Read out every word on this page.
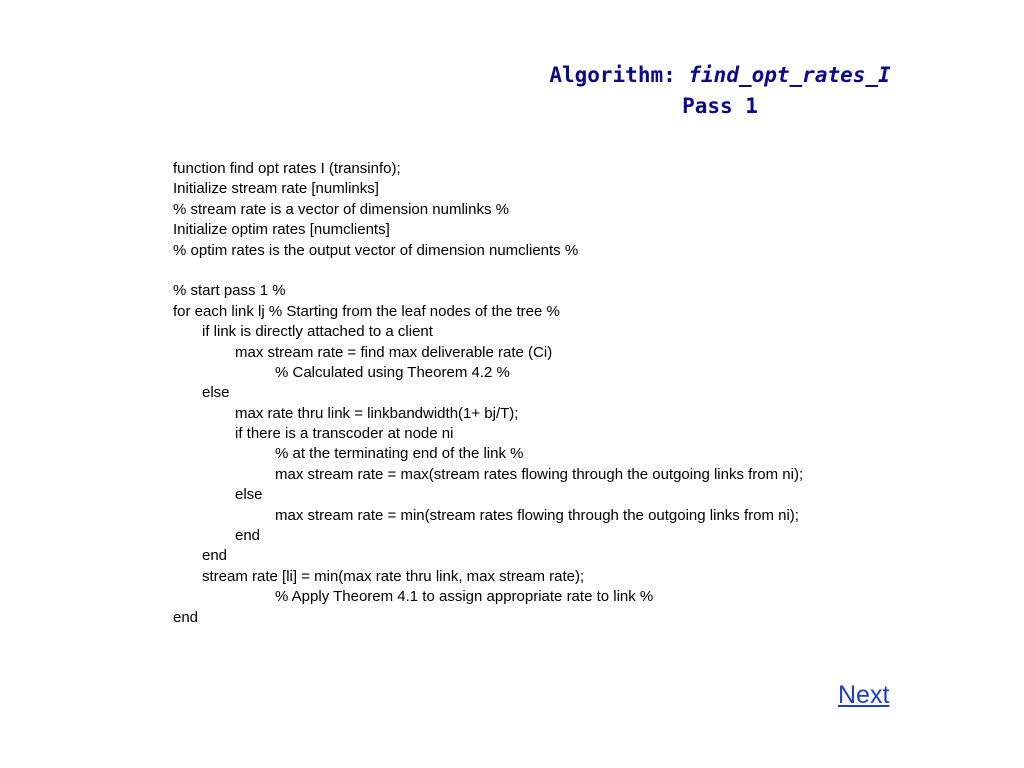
Algorithm: find_opt_rates_I
Pass 1
function find opt rates I (transinfo);
Initialize stream rate [numlinks]
% stream rate is a vector of dimension numlinks %
Initialize optim rates [numclients]
% optim rates is the output vector of dimension numclients %
% start pass 1 %
for each link lj % Starting from the leaf nodes of the tree %
if link is directly attached to a client
max stream rate = find max deliverable rate (Ci)
% Calculated using Theorem 4.2 %
else
max rate thru link = linkbandwidth(1+ bj/T);
if there is a transcoder at node ni
% at the terminating end of the link %
max stream rate = max(stream rates flowing through the outgoing links from ni);
else
max stream rate = min(stream rates flowing through the outgoing links from ni);
end
end
stream rate [li] = min(max rate thru link, max stream rate);
% Apply Theorem 4.1 to assign appropriate rate to link %
end
Next
